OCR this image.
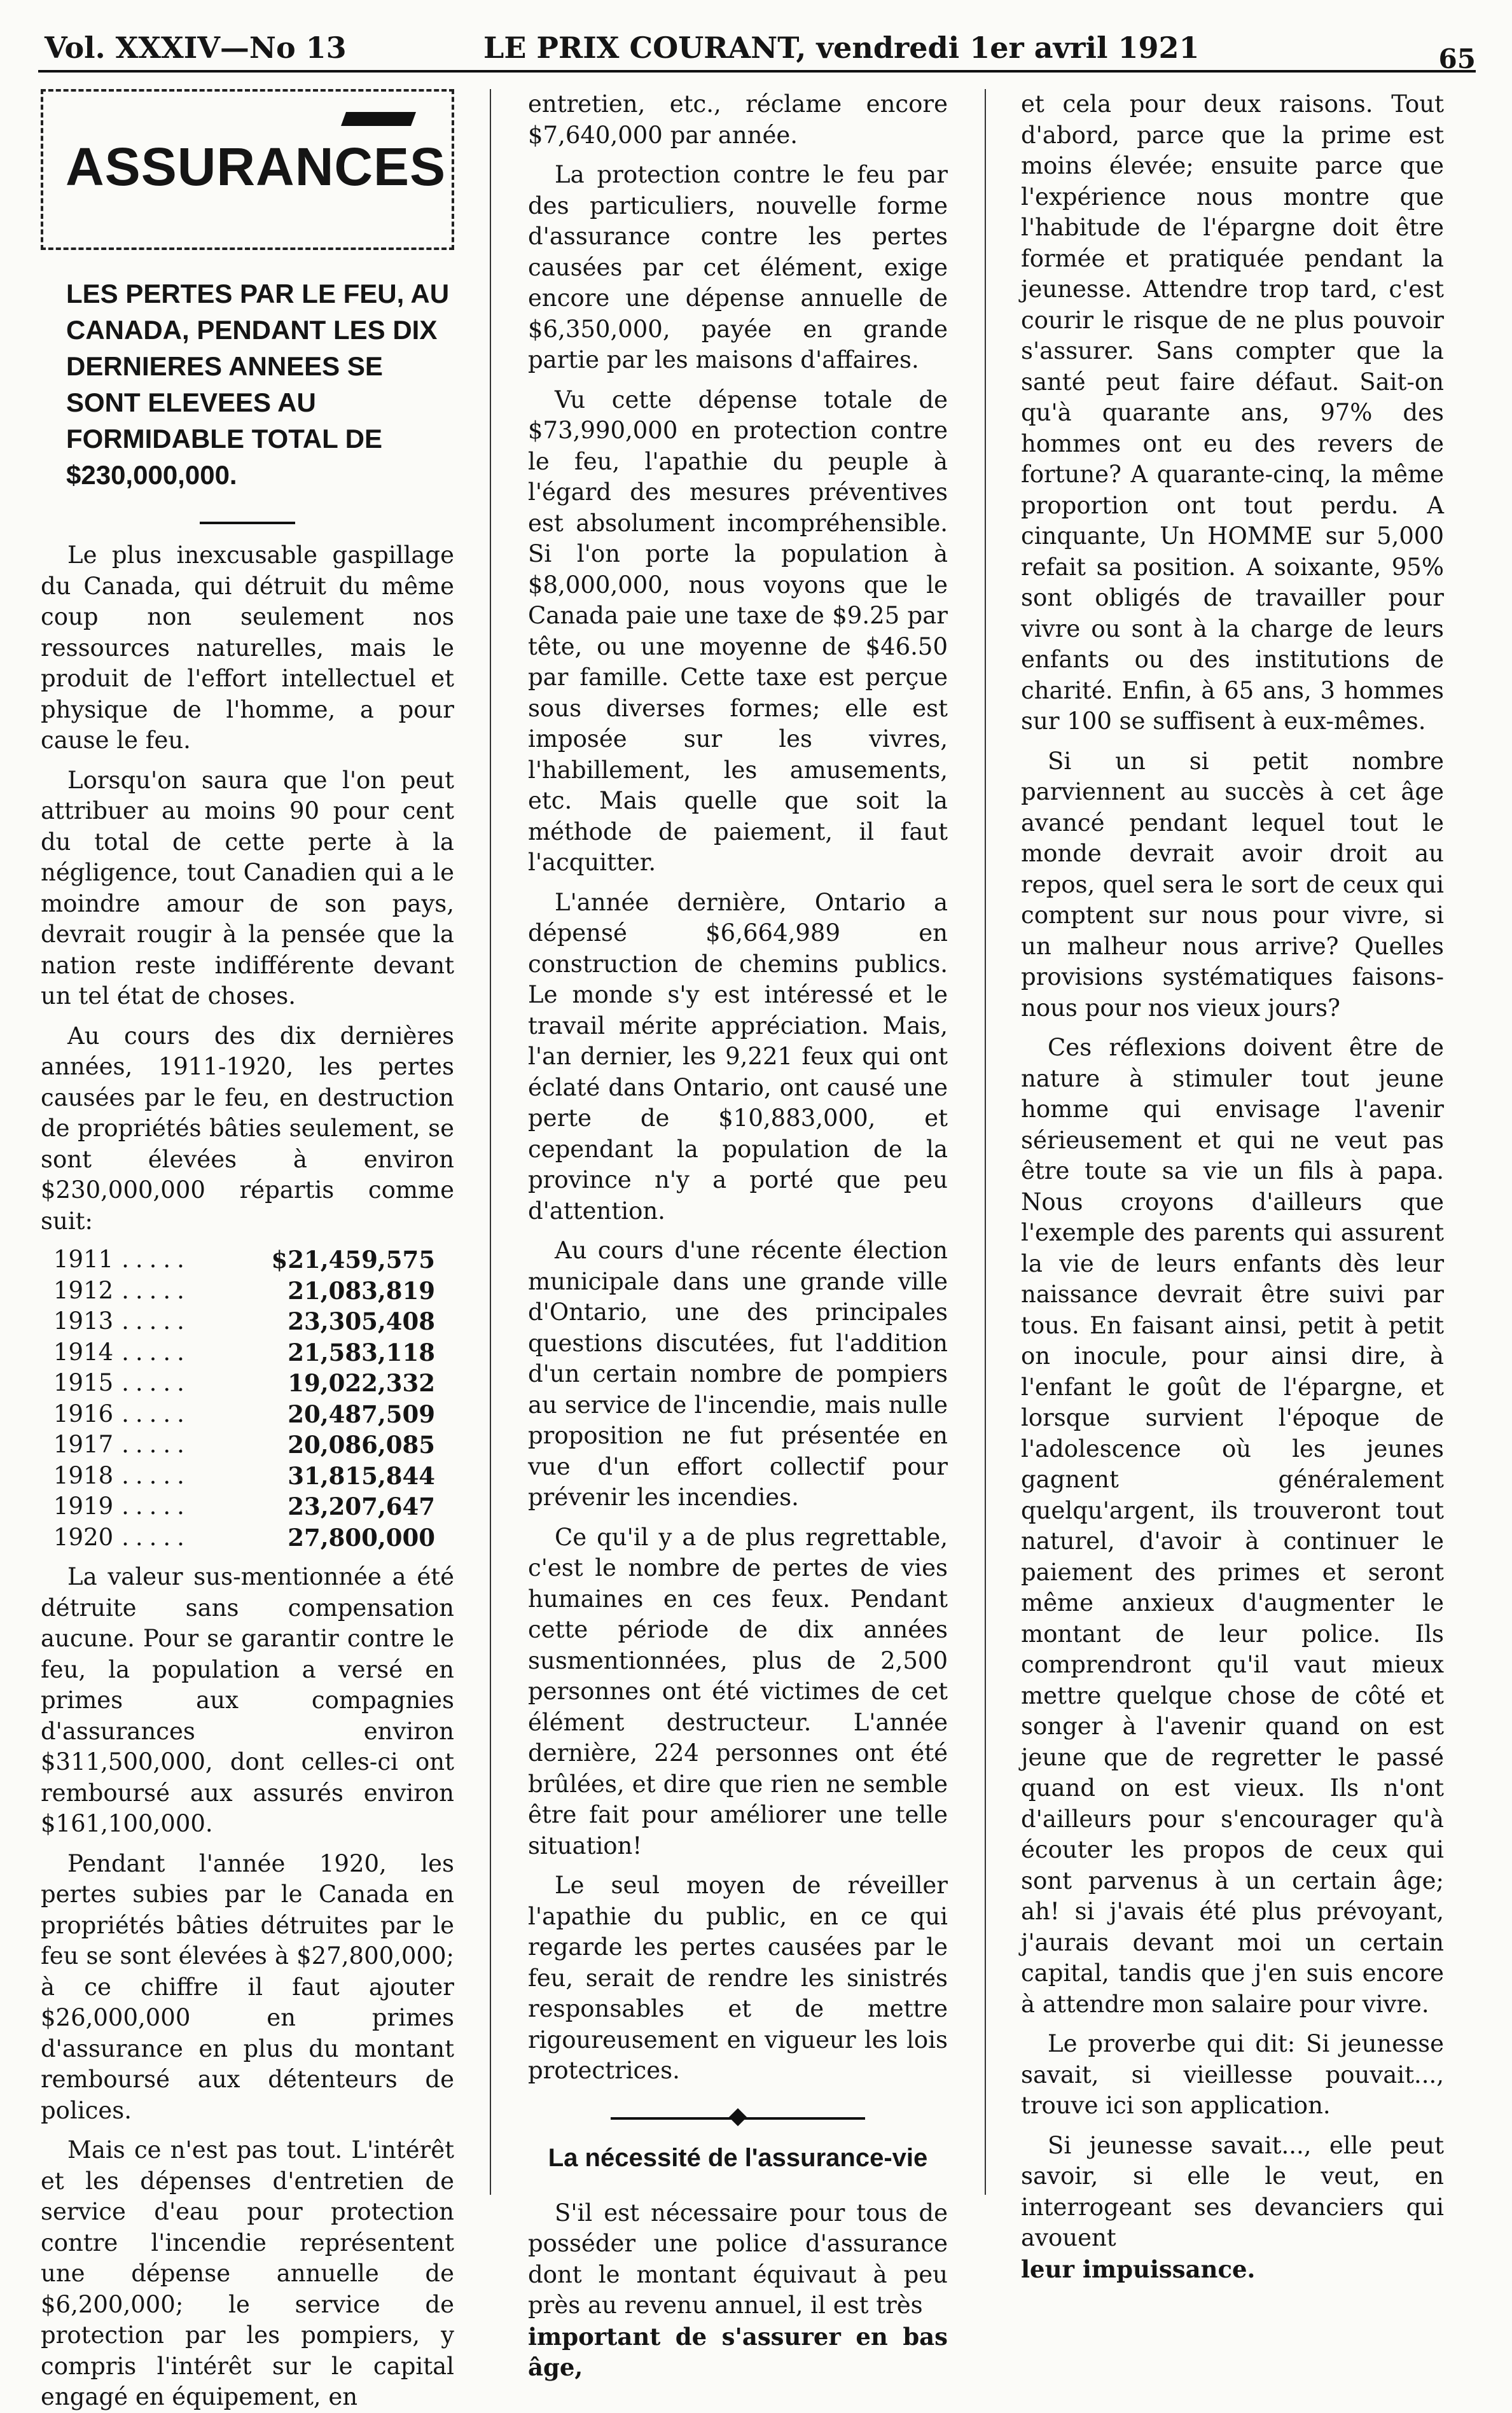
Vol. XXXIV—No 13	LE PRIX COURANT, vendredi 1er avril 1921	65
ASSURANCES
LES PERTES PAR LE FEU, AU CANADA, PENDANT LES DIX DERNIERES ANNEES SE SONT ELEVEES AU FORMIDABLE TOTAL DE $230,000,000.

Le plus inexcusable gaspillage du Canada, qui détruit du même coup non seulement nos ressources naturelles, mais le produit de l'effort intellectuel et physique de l'homme, a pour cause le feu.

Lorsqu'on saura que l'on peut attribuer au moins 90 pour cent du total de cette perte à la négligence, tout Canadien qui a le moindre amour de son pays, devrait rougir à la pensée que la nation reste indifférente devant un tel état de choses.

Au cours des dix dernières années, 1911-1920, les pertes causées par le feu, en destruction de propriétés bâties seulement, se sont élevées à environ $230,000,000 répartis comme suit:

1911	.....	$21,459,575
1912	.....	21,083,819
1913	.....	23,305,408
1914	.....	21,583,118
1915	.....	19,022,332
1916	.....	20,487,509
1917	.....	20,086,085
1918	.....	31,815,844
1919	.....	23,207,647
1920	.....	27,800,000

La valeur sus-mentionnée a été détruite sans compensation aucune. Pour se garantir contre le feu, la population a versé en primes aux compagnies d'assurances environ $311,500,000, dont celles-ci ont remboursé aux assurés environ $161,100,000.

Pendant l'année 1920, les pertes subies par le Canada en propriétés bâties détruites par le feu se sont élevées à $27,800,000; à ce chiffre il faut ajouter $26,000,000 en primes d'assurance en plus du montant remboursé aux détenteurs de polices.

Mais ce n'est pas tout. L'intérêt et les dépenses d'entretien de service d'eau pour protection contre l'incendie représentent une dépense annuelle de $6,200,000; le service de protection par les pompiers, y compris l'intérêt sur le capital engagé en équipement, en

entretien, etc., réclame encore $7,640,000 par année.

La protection contre le feu par des particuliers, nouvelle forme d'assurance contre les pertes causées par cet élément, exige encore une dépense annuelle de $6,350,000, payée en grande partie par les maisons d'affaires.

Vu cette dépense totale de $73,990,000 en protection contre le feu, l'apathie du peuple à l'égard des mesures préventives est absolument incompréhensible. Si l'on porte la population à $8,000,000, nous voyons que le Canada paie une taxe de $9.25 par tête, ou une moyenne de $46.50 par famille. Cette taxe est perçue sous diverses formes; elle est imposée sur les vivres, l'habillement, les amusements, etc. Mais quelle que soit la méthode de paiement, il faut l'acquitter.

L'année dernière, Ontario a dépensé $6,664,989 en construction de chemins publics. Le monde s'y est intéressé et le travail mérite appréciation. Mais, l'an dernier, les 9,221 feux qui ont éclaté dans Ontario, ont causé une perte de $10,883,000, et cependant la population de la province n'y a porté que peu d'attention.

Au cours d'une récente élection municipale dans une grande ville d'Ontario, une des principales questions discutées, fut l'addition d'un certain nombre de pompiers au service de l'incendie, mais nulle proposition ne fut présentée en vue d'un effort collectif pour prévenir les incendies.

Ce qu'il y a de plus regrettable, c'est le nombre de pertes de vies humaines en ces feux. Pendant cette période de dix années susmentionnées, plus de 2,500 personnes ont été victimes de cet élément destructeur. L'année dernière, 224 personnes ont été brûlées, et dire que rien ne semble être fait pour améliorer une telle situation!

Le seul moyen de réveiller l'apathie du public, en ce qui regarde les pertes causées par le feu, serait de rendre les sinistrés responsables et de mettre rigoureusement en vigueur les lois protectrices.

La nécessité de l'assurance-vie

S'il est nécessaire pour tous de posséder une police d'assurance dont le montant équivaut à peu près au revenu annuel, il est très

important de s'assurer en bas âge,

et cela pour deux raisons. Tout d'abord, parce que la prime est moins élevée; ensuite parce que l'expérience nous montre que l'habitude de l'épargne doit être formée et pratiquée pendant la jeunesse. Attendre trop tard, c'est courir le risque de ne plus pouvoir s'assurer. Sans compter que la santé peut faire défaut. Sait-on qu'à quarante ans, 97% des hommes ont eu des revers de fortune? A quarante-cinq, la même proportion ont tout perdu. A cinquante, Un HOMME sur 5,000 refait sa position. A soixante, 95% sont obligés de travailler pour vivre ou sont à la charge de leurs enfants ou des institutions de charité. Enfin, à 65 ans, 3 hommes sur 100 se suffisent à eux-mêmes.

Si un si petit nombre parviennent au succès à cet âge avancé pendant lequel tout le monde devrait avoir droit au repos, quel sera le sort de ceux qui comptent sur nous pour vivre, si un malheur nous arrive? Quelles provisions systématiques faisons-nous pour nos vieux jours?

Ces réflexions doivent être de nature à stimuler tout jeune homme qui envisage l'avenir sérieusement et qui ne veut pas être toute sa vie un fils à papa. Nous croyons d'ailleurs que l'exemple des parents qui assurent la vie de leurs enfants dès leur naissance devrait être suivi par tous. En faisant ainsi, petit à petit on inocule, pour ainsi dire, à l'enfant le goût de l'épargne, et lorsque survient l'époque de l'adolescence où les jeunes gagnent généralement quelqu'argent, ils trouveront tout naturel, d'avoir à continuer le paiement des primes et seront même anxieux d'augmenter le montant de leur police. Ils comprendront qu'il vaut mieux mettre quelque chose de côté et songer à l'avenir quand on est jeune que de regretter le passé quand on est vieux. Ils n'ont d'ailleurs pour s'encourager qu'à écouter les propos de ceux qui sont parvenus à un certain âge; ah! si j'avais été plus prévoyant, j'aurais devant moi un certain capital, tandis que j'en suis encore à attendre mon salaire pour vivre.

Le proverbe qui dit: Si jeunesse savait, si vieillesse pouvait..., trouve ici son application.

Si jeunesse savait..., elle peut savoir, si elle le veut, en interrogeant ses devanciers qui avouent

leur impuissance.
